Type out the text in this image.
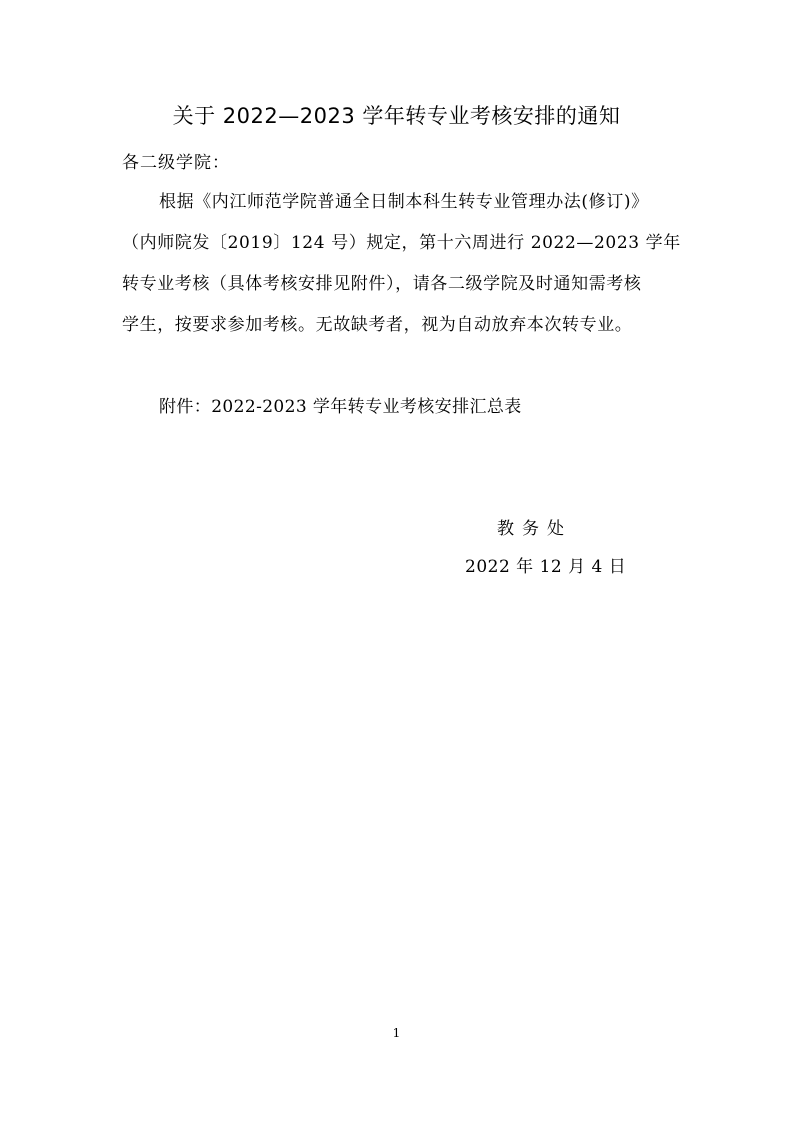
关于 2022—2023 学年转专业考核安排的通知
各二级学院：
根据《内江师范学院普通全日制本科生转专业管理办法(修订)》
（内师院发〔2019〕124 号）规定，第十六周进行 2022—2023 学年
转专业考核（具体考核安排见附件），请各二级学院及时通知需考核
学生，按要求参加考核。无故缺考者，视为自动放弃本次转专业。
附件：2022-2023 学年转专业考核安排汇总表
教务处
2022 年 12 月 4 日
1
